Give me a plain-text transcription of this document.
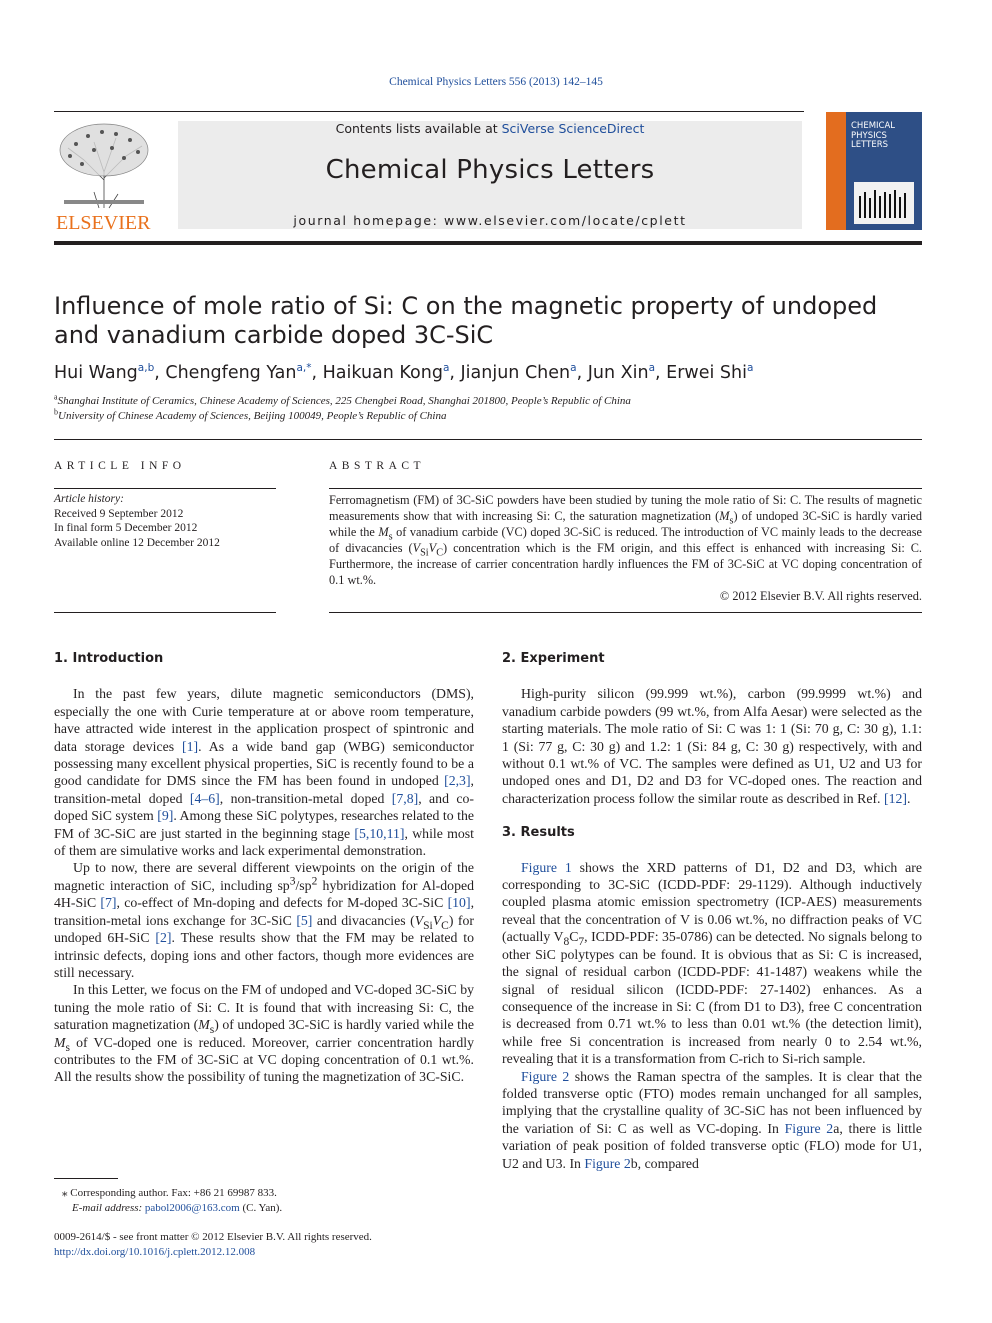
Chemical Physics Letters 556 (2013) 142–145
ELSEVIER
Contents lists available at SciVerse ScienceDirect
Chemical Physics Letters
journal homepage: www.elsevier.com/locate/cplett
CHEMICAL
PHYSICS
LETTERS
Influence of mole ratio of Si: C on the magnetic property of undoped and vanadium carbide doped 3C-SiC
Hui Wang$^{a,b}$, Chengfeng Yan$^{a,*}$, Haikuan Kong$^a$, Jianjun Chen$^a$, Jun Xin$^a$, Erwei Shi$^a$
$^a$Shanghai Institute of Ceramics, Chinese Academy of Sciences, 225 Chengbei Road, Shanghai 201800, People’s Republic of China
$^b$University of Chinese Academy of Sciences, Beijing 100049, People’s Republic of China
ARTICLE INFO	ABSTRACT
Article history:
Received 9 September 2012
In final form 5 December 2012
Available online 12 December 2012
Ferromagnetism (FM) of 3C-SiC powders have been studied by tuning the mole ratio of Si: C. The results of magnetic measurements show that with increasing Si: C, the saturation magnetization $(M_s)$ of undoped 3C-SiC is hardly varied while the $M_s$ of vanadium carbide (VC) doped 3C-SiC is reduced. The introduction of VC mainly leads to the decrease of divacancies $(V_{Si}V_C)$ concentration which is the FM origin, and this effect is enhanced with increasing Si: C. Furthermore, the increase of carrier concentration hardly influences the FM of 3C-SiC at VC doping concentration of 0.1 wt.%.
© 2012 Elsevier B.V. All rights reserved.

1. Introduction

In the past few years, dilute magnetic semiconductors (DMS), especially the one with Curie temperature at or above room temperature, have attracted wide interest in the application prospect of spintronic and data storage devices [1]. As a wide band gap (WBG) semiconductor possessing many excellent physical properties, SiC is recently found to be a good candidate for DMS since the FM has been found in undoped [2,3], transition-metal doped [4–6], non-transition-metal doped [7,8], and co-doped SiC system [9]. Among these SiC polytypes, researches related to the FM of 3C-SiC are just started in the beginning stage [5,10,11], while most of them are simulative works and lack experimental demonstration.

Up to now, there are several different viewpoints on the origin of the magnetic interaction of SiC, including $sp^3/sp^2$ hybridization for Al-doped 4H-SiC [7], co-effect of Mn-doping and defects for M-doped 3C-SiC [10], transition-metal ions exchange for 3C-SiC [5] and divacancies $(V_{Si}V_C)$ for undoped 6H-SiC [2]. These results show that the FM may be related to intrinsic defects, doping ions and other factors, though more evidences are still necessary.

In this Letter, we focus on the FM of undoped and VC-doped 3C-SiC by tuning the mole ratio of Si: C. It is found that with increasing Si: C, the saturation magnetization $(M_s)$ of undoped 3C-SiC is hardly varied while the $M_s$ of VC-doped one is reduced. Moreover, carrier concentration hardly contributes to the FM of 3C-SiC at VC doping concentration of 0.1 wt.%. All the results show the possibility of tuning the magnetization of 3C-SiC.

2. Experiment

High-purity silicon (99.999 wt.%), carbon (99.9999 wt.%) and vanadium carbide powders (99 wt.%, from Alfa Aesar) were selected as the starting materials. The mole ratio of Si: C was 1: 1 (Si: 70 g, C: 30 g), 1.1: 1 (Si: 77 g, C: 30 g) and 1.2: 1 (Si: 84 g, C: 30 g) respectively, with and without 0.1 wt.% of VC. The samples were defined as U1, U2 and U3 for undoped ones and D1, D2 and D3 for VC-doped ones. The reaction and characterization process follow the similar route as described in Ref. [12].

3. Results

Figure 1 shows the XRD patterns of D1, D2 and D3, which are corresponding to 3C-SiC (ICDD-PDF: 29-1129). Although inductively coupled plasma atomic emission spectrometry (ICP-AES) measurements reveal that the concentration of V is 0.06 wt.%, no diffraction peaks of VC (actually $V_8C_7$, ICDD-PDF: 35-0786) can be detected. No signals belong to other SiC polytypes can be found. It is obvious that as Si: C is increased, the signal of residual carbon (ICDD-PDF: 41-1487) weakens while the signal of residual silicon (ICDD-PDF: 27-1402) enhances. As a consequence of the increase in Si: C (from D1 to D3), free C concentration is decreased from 0.71 wt.% to less than 0.01 wt.% (the detection limit), while free Si concentration is increased from nearly 0 to 2.54 wt.%, revealing that it is a transformation from C-rich to Si-rich sample.

Figure 2 shows the Raman spectra of the samples. It is clear that the folded transverse optic (FTO) modes remain unchanged for all samples, implying that the crystalline quality of 3C-SiC has not been influenced by the variation of Si: C as well as VC-doping. In Figure 2a, there is little variation of peak position of folded transverse optic (FLO) mode for U1, U2 and U3. In Figure 2b, compared

⁎ Corresponding author. Fax: +86 21 69987 833.
E-mail address: pabol2006@163.com (C. Yan).
0009-2614/$ - see front matter © 2012 Elsevier B.V. All rights reserved.
http://dx.doi.org/10.1016/j.cplett.2012.12.008
